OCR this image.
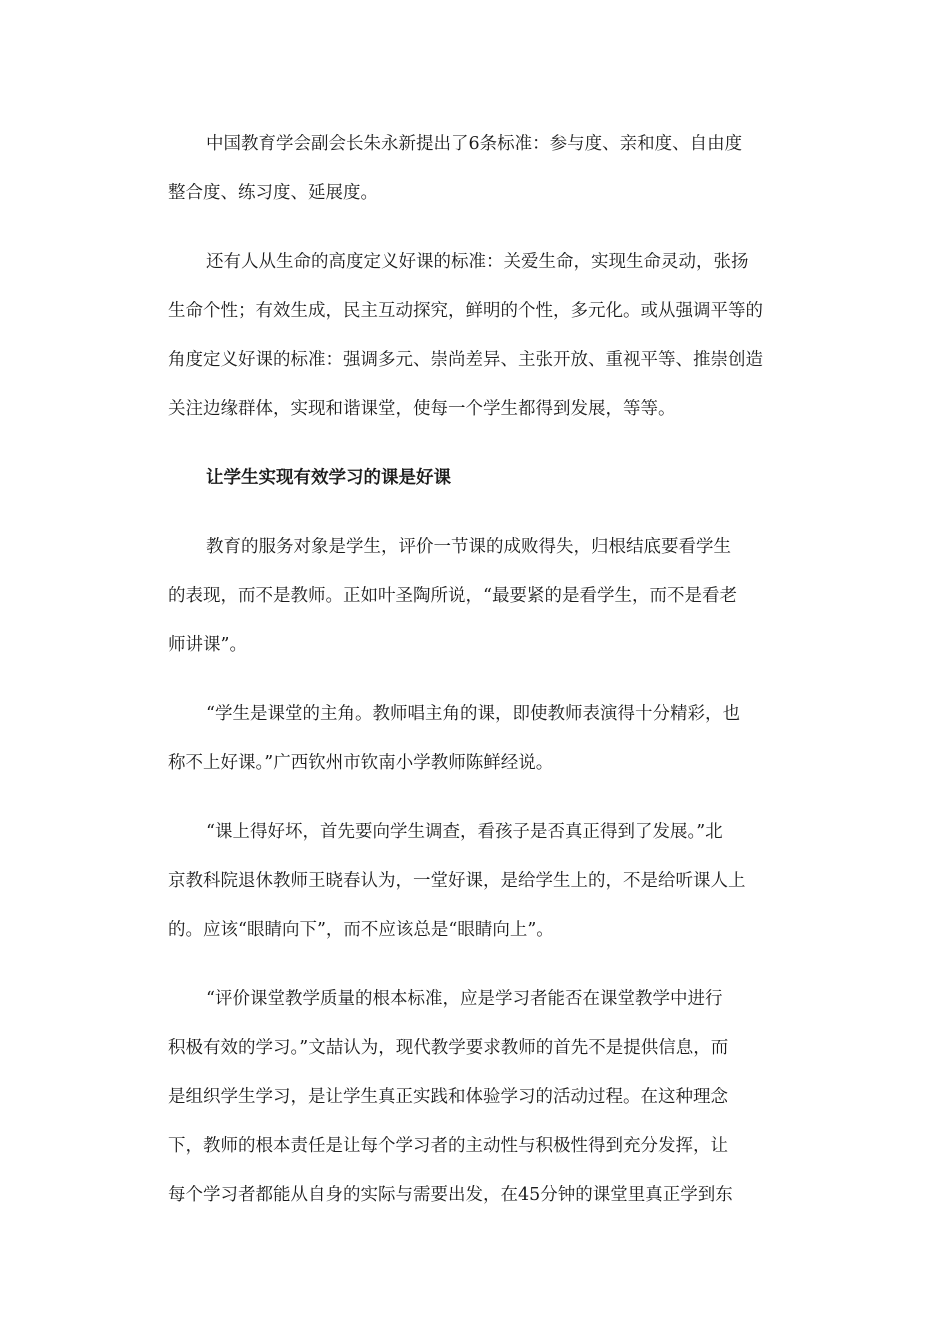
中国教育学会副会长朱永新提出了6条标准：参与度、亲和度、自由度
整合度、练习度、延展度。
还有人从生命的高度定义好课的标准：关爱生命，实现生命灵动，张扬
生命个性；有效生成，民主互动探究，鲜明的个性，多元化。或从强调平等的
角度定义好课的标准：强调多元、崇尚差异、主张开放、重视平等、推崇创造
关注边缘群体，实现和谐课堂，使每一个学生都得到发展，等等。
让学生实现有效学习的课是好课
教育的服务对象是学生，评价一节课的成败得失，归根结底要看学生
的表现，而不是教师。正如叶圣陶所说，“最要紧的是看学生，而不是看老
师讲课”。
“学生是课堂的主角。教师唱主角的课，即使教师表演得十分精彩，也
称不上好课。”广西钦州市钦南小学教师陈鲜经说。
“课上得好坏，首先要向学生调查，看孩子是否真正得到了发展。”北
京教科院退休教师王晓春认为，一堂好课，是给学生上的，不是给听课人上
的。应该“眼睛向下”，而不应该总是“眼睛向上”。
“评价课堂教学质量的根本标准，应是学习者能否在课堂教学中进行
积极有效的学习。”文喆认为，现代教学要求教师的首先不是提供信息，而
是组织学生学习，是让学生真正实践和体验学习的活动过程。在这种理念
下，教师的根本责任是让每个学习者的主动性与积极性得到充分发挥，让
每个学习者都能从自身的实际与需要出发，在45分钟的课堂里真正学到东
